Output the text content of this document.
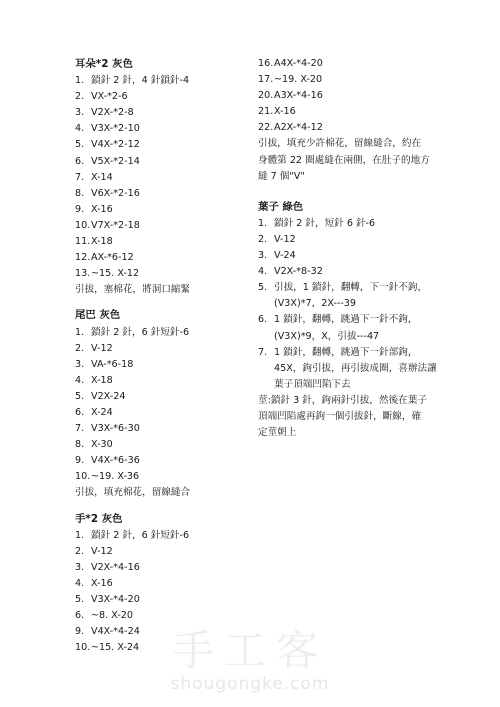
耳朵*2 灰色
1. 鎖針 2 針，4 針鎖針-4
2. VX-*2-6
3. V2X-*2-8
4. V3X-*2-10
5. V4X-*2-12
6. V5X-*2-14
7. X-14
8. V6X-*2-16
9. X-16
10. V7X-*2-18
11. X-18
12. AX-*6-12
13. ~15. X-12
引拔，塞棉花，將洞口縮緊
尾巴 灰色
1. 鎖針 2 針，6 針短針-6
2. V-12
3. VA-*6-18
4. X-18
5. V2X-24
6. X-24
7. V3X-*6-30
8. X-30
9. V4X-*6-36
10. ~19. X-36
引拔，填充棉花，留線縫合
手*2 灰色
1. 鎖針 2 針，6 針短針-6
2. V-12
3. V2X-*4-16
4. X-16
5. V3X-*4-20
6. ~8. X-20
9. V4X-*4-24
10. ~15. X-24
16. A4X-*4-20
17. ~19. X-20
20. A3X-*4-16
21. X-16
22. A2X-*4-12
引拔，填充少許棉花，留線縫合，約在身體第 22 圈處縫在兩側，在肚子的地方縫 7 個"V"
葉子 綠色
1. 鎖針 2 針，短針 6 針-6
2. V-12
3. V-24
4. V2X-*8-32
5. 引拔，1 鎖針，翻轉，下一針不鉤，
(V3X)*7，2X---39
6. 1 鎖針，翻轉，跳過下一針不鉤，
(V3X)*9，X，引拔---47
7. 1 鎖針，翻轉，跳過下一針部鉤，
45X，鉤引拔，再引拔成圈，喜辦法讓葉子頂端凹陷下去
莖:鎖針 3 針，鉤兩針引拔，然後在葉子頂端凹陷處再鉤一個引拔針，斷線，確定莖朝上
手工客
shougongke.com
